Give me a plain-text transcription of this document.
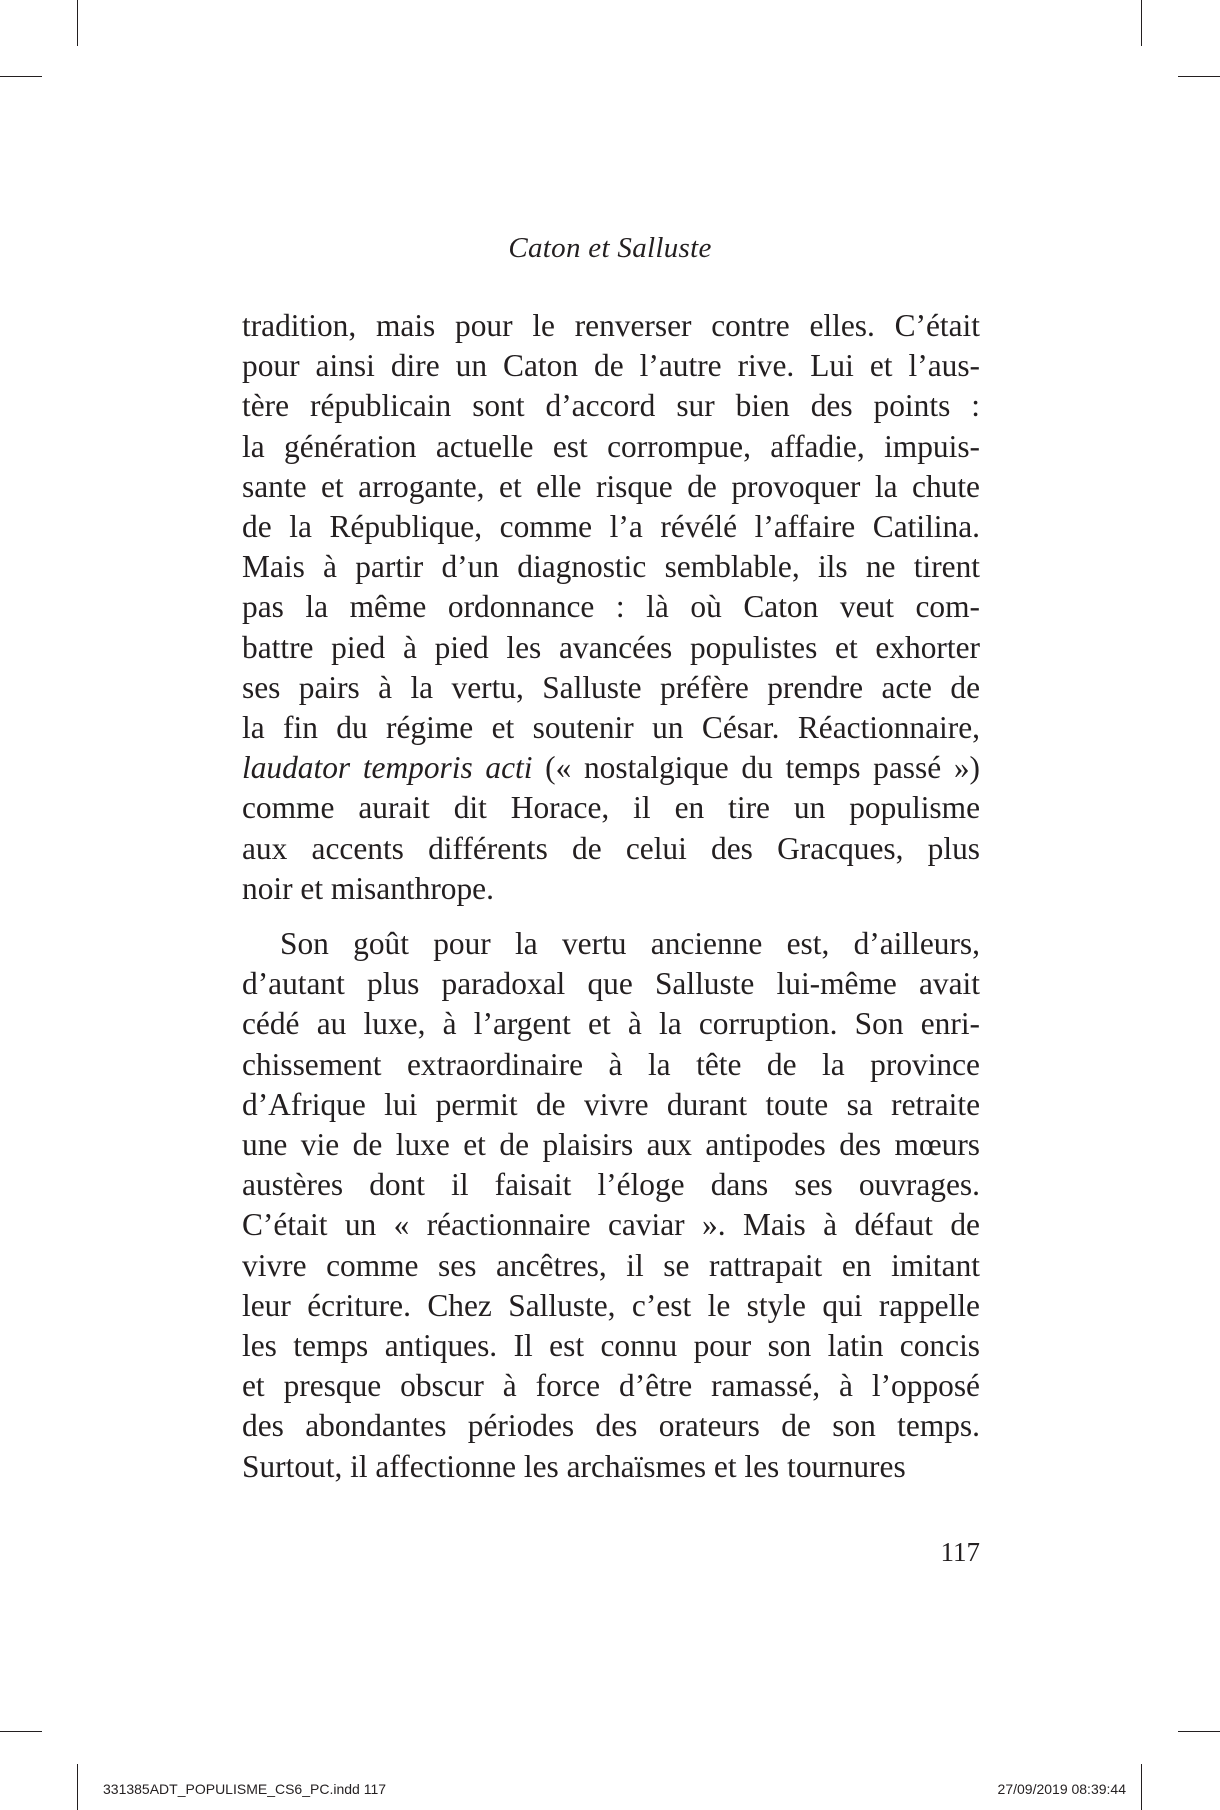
Caton et Salluste
tradition, mais pour le renverser contre elles. C’était
pour ainsi dire un Caton de l’autre rive. Lui et l’aus-
tère républicain sont d’accord sur bien des points :
la génération actuelle est corrompue, affadie, impuis-
sante et arrogante, et elle risque de provoquer la chute
de la République, comme l’a révélé l’affaire Catilina.
Mais à partir d’un diagnostic semblable, ils ne tirent
pas la même ordonnance : là où Caton veut com-
battre pied à pied les avancées populistes et exhorter
ses pairs à la vertu, Salluste préfère prendre acte de
la fin du régime et soutenir un César. Réactionnaire,
laudator temporis acti (« nostalgique du temps passé »)
comme aurait dit Horace, il en tire un populisme
aux accents différents de celui des Gracques, plus
noir et misanthrope.
Son goût pour la vertu ancienne est, d’ailleurs,
d’autant plus paradoxal que Salluste lui-même avait
cédé au luxe, à l’argent et à la corruption. Son enri-
chissement extraordinaire à la tête de la province
d’Afrique lui permit de vivre durant toute sa retraite
une vie de luxe et de plaisirs aux antipodes des mœurs
austères dont il faisait l’éloge dans ses ouvrages.
C’était un « réactionnaire caviar ». Mais à défaut de
vivre comme ses ancêtres, il se rattrapait en imitant
leur écriture. Chez Salluste, c’est le style qui rappelle
les temps antiques. Il est connu pour son latin concis
et presque obscur à force d’être ramassé, à l’opposé
des abondantes périodes des orateurs de son temps.
Surtout, il affectionne les archaïsmes et les tournures
117
331385ADT_POPULISME_CS6_PC.indd 117	27/09/2019 08:39:44
